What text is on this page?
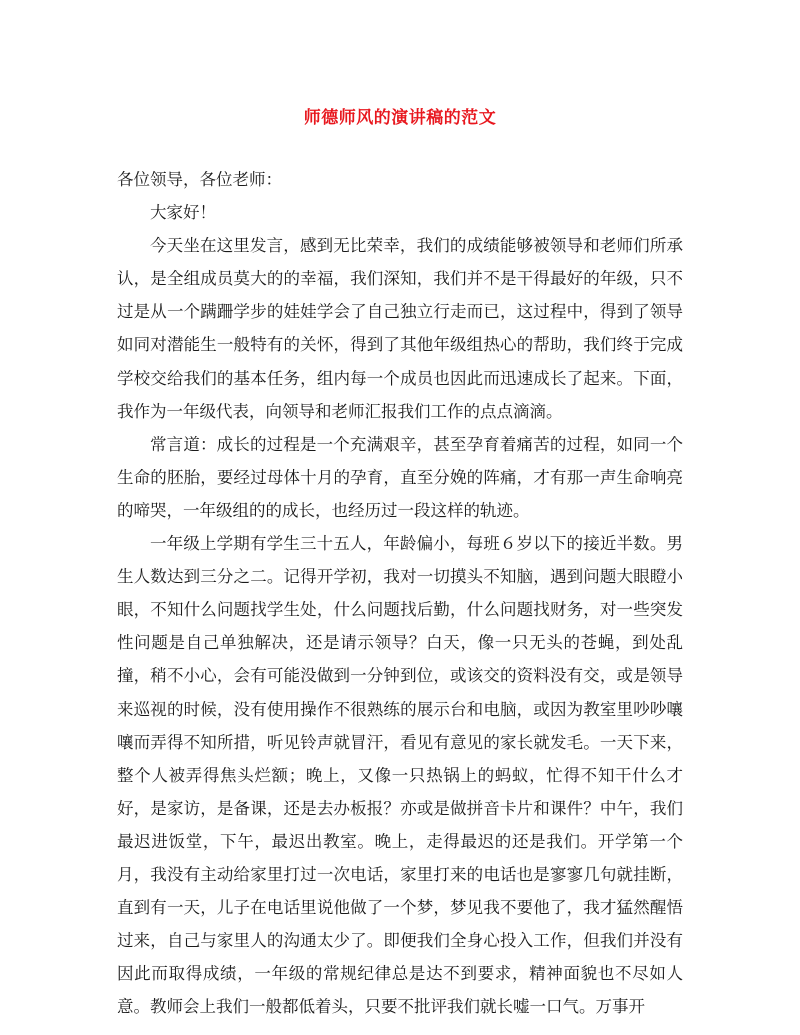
师德师风的演讲稿的范文

各位领导，各位老师：

大家好！

今天坐在这里发言，感到无比荣幸，我们的成绩能够被领导和老师们所承认，是全组成员莫大的的幸福，我们深知，我们并不是干得最好的年级，只不过是从一个蹒跚学步的娃娃学会了自己独立行走而已，这过程中，得到了领导如同对潜能生一般特有的关怀，得到了其他年级组热心的帮助，我们终于完成学校交给我们的基本任务，组内每一个成员也因此而迅速成长了起来。下面，我作为一年级代表，向领导和老师汇报我们工作的点点滴滴。

常言道：成长的过程是一个充满艰辛，甚至孕育着痛苦的过程，如同一个生命的胚胎，要经过母体十月的孕育，直至分娩的阵痛，才有那一声生命响亮的啼哭，一年级组的的成长，也经历过一段这样的轨迹。

一年级上学期有学生三十五人，年龄偏小，每班６岁以下的接近半数。男生人数达到三分之二。记得开学初，我对一切摸头不知脑，遇到问题大眼瞪小眼，不知什么问题找学生处，什么问题找后勤，什么问题找财务，对一些突发性问题是自己单独解决，还是请示领导？白天，像一只无头的苍蝇，到处乱撞，稍不小心，会有可能没做到一分钟到位，或该交的资料没有交，或是领导来巡视的时候，没有使用操作不很熟练的展示台和电脑，或因为教室里吵吵嚷嚷而弄得不知所措，听见铃声就冒汗，看见有意见的家长就发毛。一天下来，整个人被弄得焦头烂额；晚上，又像一只热锅上的蚂蚁，忙得不知干什么才好，是家访，是备课，还是去办板报？亦或是做拼音卡片和课件？中午，我们最迟进饭堂，下午，最迟出教室。晚上，走得最迟的还是我们。开学第一个月，我没有主动给家里打过一次电话，家里打来的电话也是寥寥几句就挂断，直到有一天，儿子在电话里说他做了一个梦，梦见我不要他了，我才猛然醒悟过来，自己与家里人的沟通太少了。即便我们全身心投入工作，但我们并没有因此而取得成绩，一年级的常规纪律总是达不到要求，精神面貌也不尽如人意。教师会上我们一般都低着头，只要不批评我们就长嘘一口气。万事开
